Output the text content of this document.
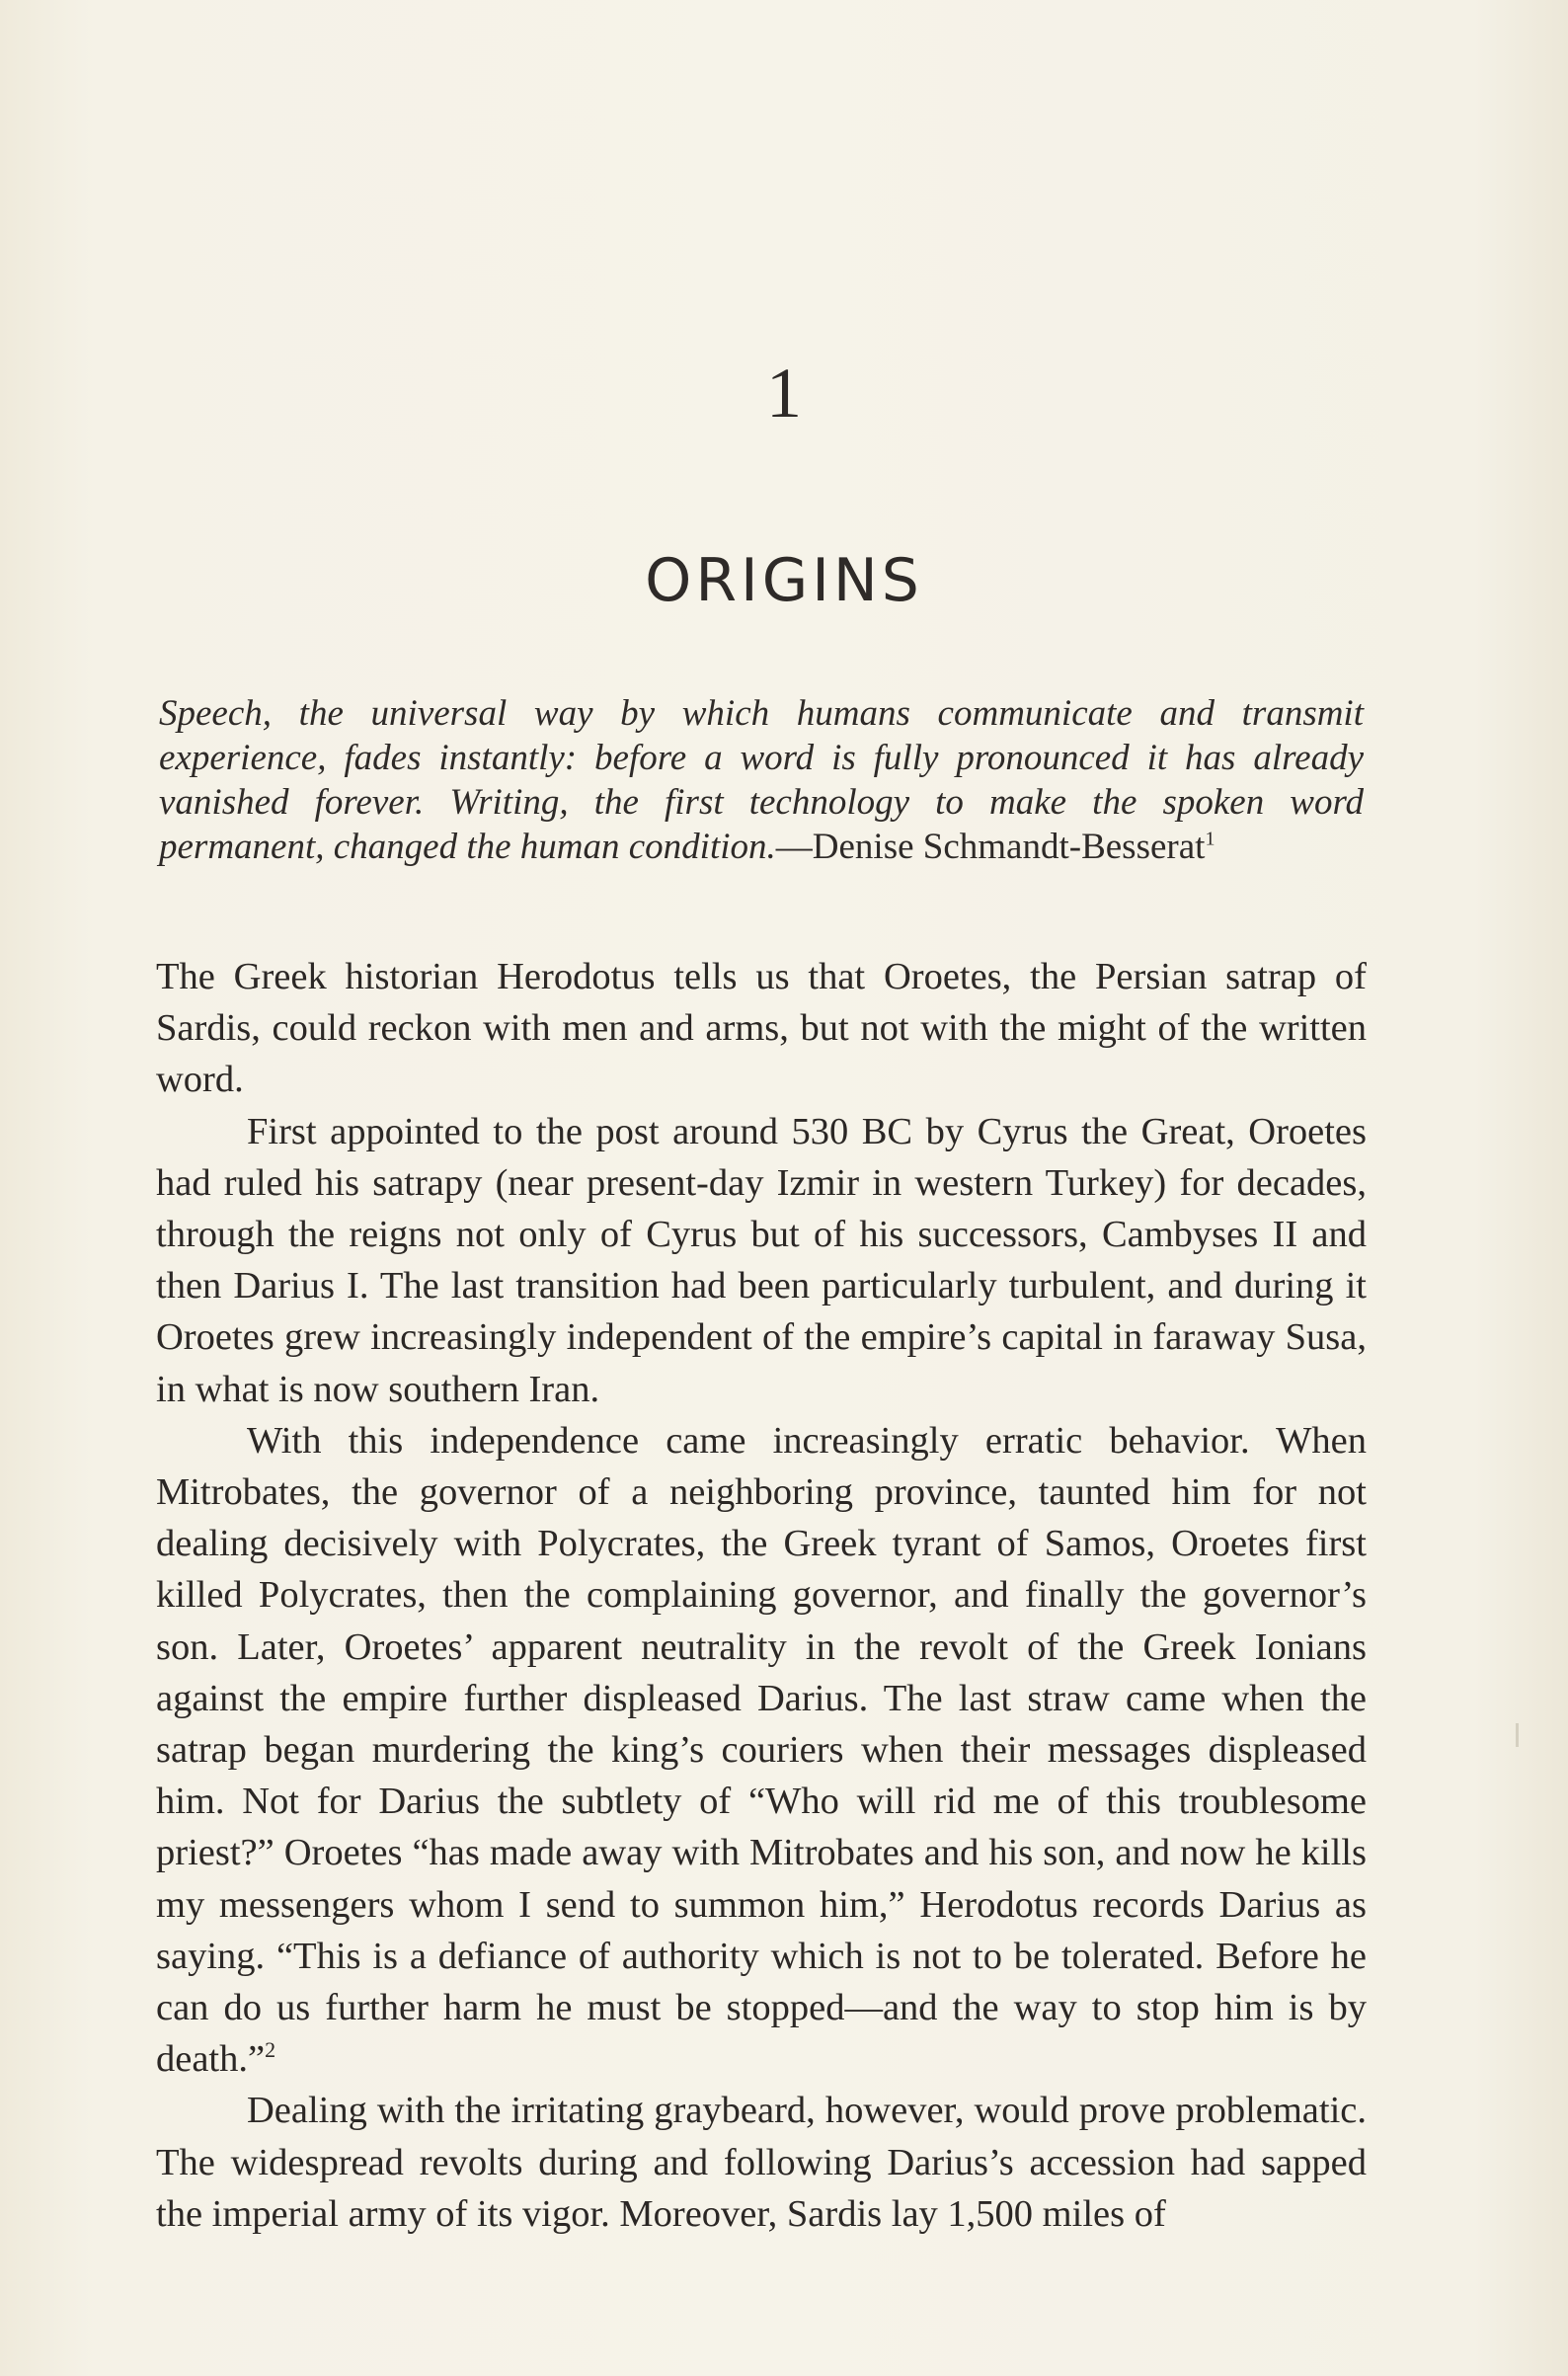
1
ORIGINS
Speech, the universal way by which humans communicate and transmit experience, fades instantly: before a word is fully pronounced it has already vanished forever. Writing, the first technology to make the spoken word permanent, changed the human condition.—Denise Schmandt-Besserat$^1$

The Greek historian Herodotus tells us that Oroetes, the Persian satrap of Sardis, could reckon with men and arms, but not with the might of the written word.

First appointed to the post around 530 BC by Cyrus the Great, Oroetes had ruled his satrapy (near present-day Izmir in western Turkey) for decades, through the reigns not only of Cyrus but of his successors, Cambyses II and then Darius I. The last transition had been particularly turbulent, and during it Oroetes grew increasingly independent of the empire’s capital in faraway Susa, in what is now southern Iran.

With this independence came increasingly erratic behavior. When Mitrobates, the governor of a neighboring province, taunted him for not dealing decisively with Polycrates, the Greek tyrant of Samos, Oroetes first killed Polycrates, then the complaining governor, and finally the governor’s son. Later, Oroetes’ apparent neutrality in the revolt of the Greek Ionians against the empire further displeased Darius. The last straw came when the satrap began murdering the king’s couriers when their messages displeased him. Not for Darius the subtlety of “Who will rid me of this troublesome priest?” Oroetes “has made away with Mitrobates and his son, and now he kills my messengers whom I send to summon him,” Herodotus records Darius as saying. “This is a defiance of authority which is not to be tolerated. Before he can do us further harm he must be stopped—and the way to stop him is by death.”$^2$

Dealing with the irritating graybeard, however, would prove problematic. The widespread revolts during and following Darius’s accession had sapped the imperial army of its vigor. Moreover, Sardis lay 1,500 miles of
